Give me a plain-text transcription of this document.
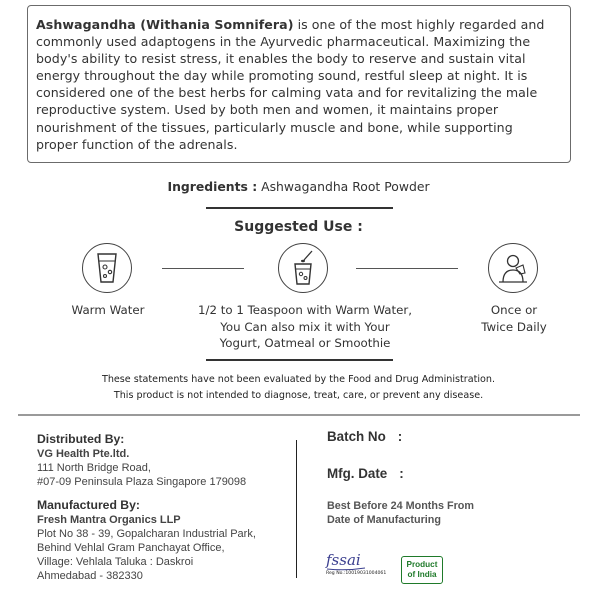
Ashwagandha (Withania Somnifera) is one of the most highly regarded and
commonly used adaptogens in the Ayurvedic pharmaceutical. Maximizing the
body's ability to resist stress, it enables the body to reserve and sustain vital
energy throughout the day while promoting sound, restful sleep at night. It is
considered one of the best herbs for calming vata and for revitalizing the male
reproductive system. Used by both men and women, it maintains proper
nourishment of the tissues, particularly muscle and bone, while supporting
proper function of the adrenals.

Ingredients : Ashwagandha Root Powder
Suggested Use :
Warm Water	1/2 to 1 Teaspoon with Warm Water,
You Can also mix it with Your
Yogurt, Oatmeal or Smoothie
Once or
Twice Daily
These statements have not been evaluated by the Food and Drug Administration.
This product is not intended to diagnose, treat, care, or prevent any disease.
Distributed By:
VG Health Pte.ltd.
111 North Bridge Road,
#07-09 Peninsula Plaza Singapore 179098
Manufactured By:
Fresh Mantra Organics LLP
Plot No 38 - 39, Gopalcharan Industrial Park,
Behind Vehlal Gram Panchayat Office,
Village: Vehlala Taluka : Daskroi
Ahmedabad - 382330
Batch No :
Mfg. Date :
Best Before 24 Months From
Date of Manufacturing
fssai
Reg No.:10019031004061
Product
of India
